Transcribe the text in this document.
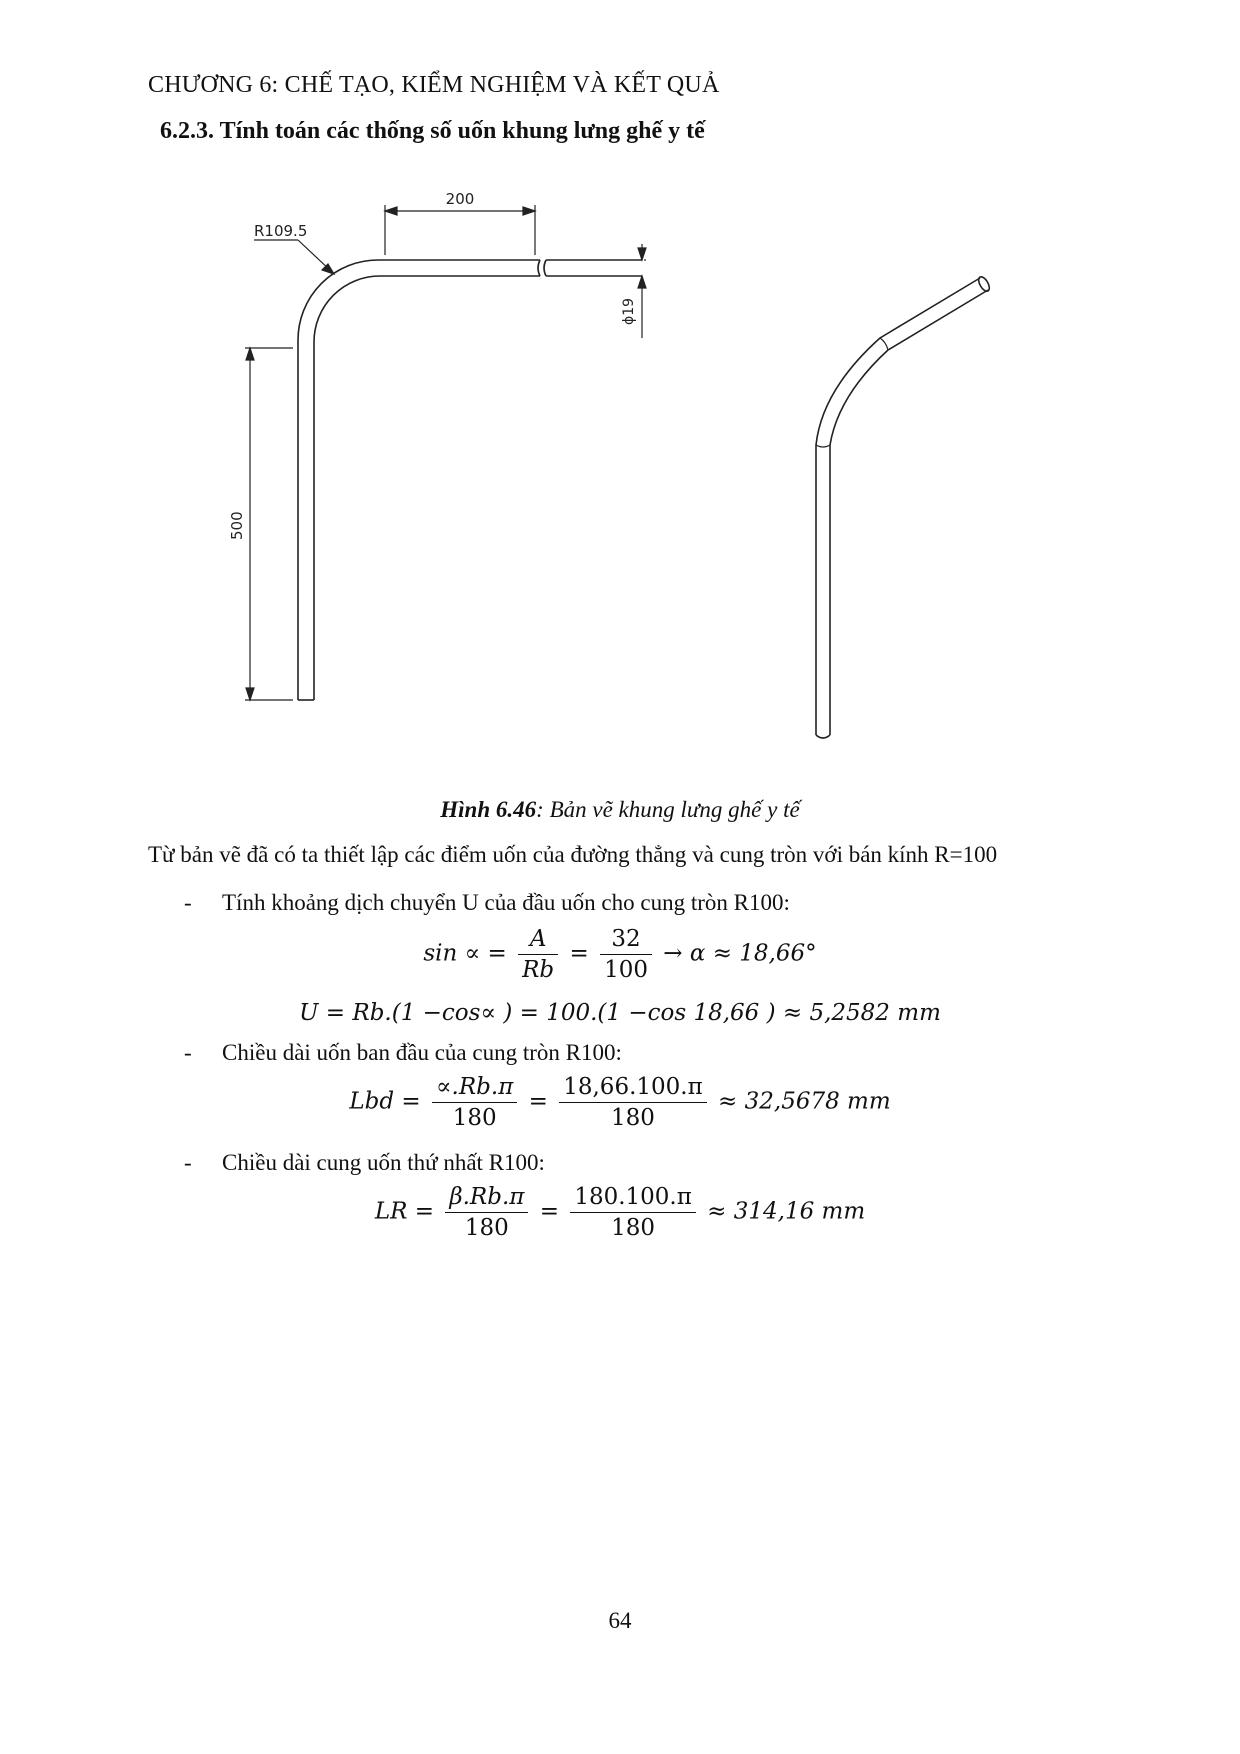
CHƯƠNG 6: CHẾ TẠO, KIỂM NGHIỆM VÀ KẾT QUẢ
6.2.3. Tính toán các thống số uốn khung lưng ghế y tế
200
R109.5
ϕ19
500
Hình 6.46: Bản vẽ khung lưng ghế y tế
Từ bản vẽ đã có ta thiết lập các điểm uốn của đường thẳng và cung tròn với bán kính R=100
- Tính khoảng dịch chuyển U của đầu uốn cho cung tròn R100:
sin ∝ = $\frac{A}{Rb} = \frac{32}{100} \to \alpha \approx 18,66^\circ$
U = Rb.(1 −cos∝ ) = 100.(1 −cos 18,66 ) ≈ 5,2582 mm
- Chiều dài uốn ban đầu của cung tròn R100:
Lbd = $\frac{\propto.Rb.\pi}{180} = \frac{18,66.100.\pi}{180} \approx 32,5678$ mm
- Chiều dài cung uốn thứ nhất R100:
LR = $\frac{\beta.Rb.\pi}{180} = \frac{180.100.\pi}{180} \approx 314,16$ mm
64
